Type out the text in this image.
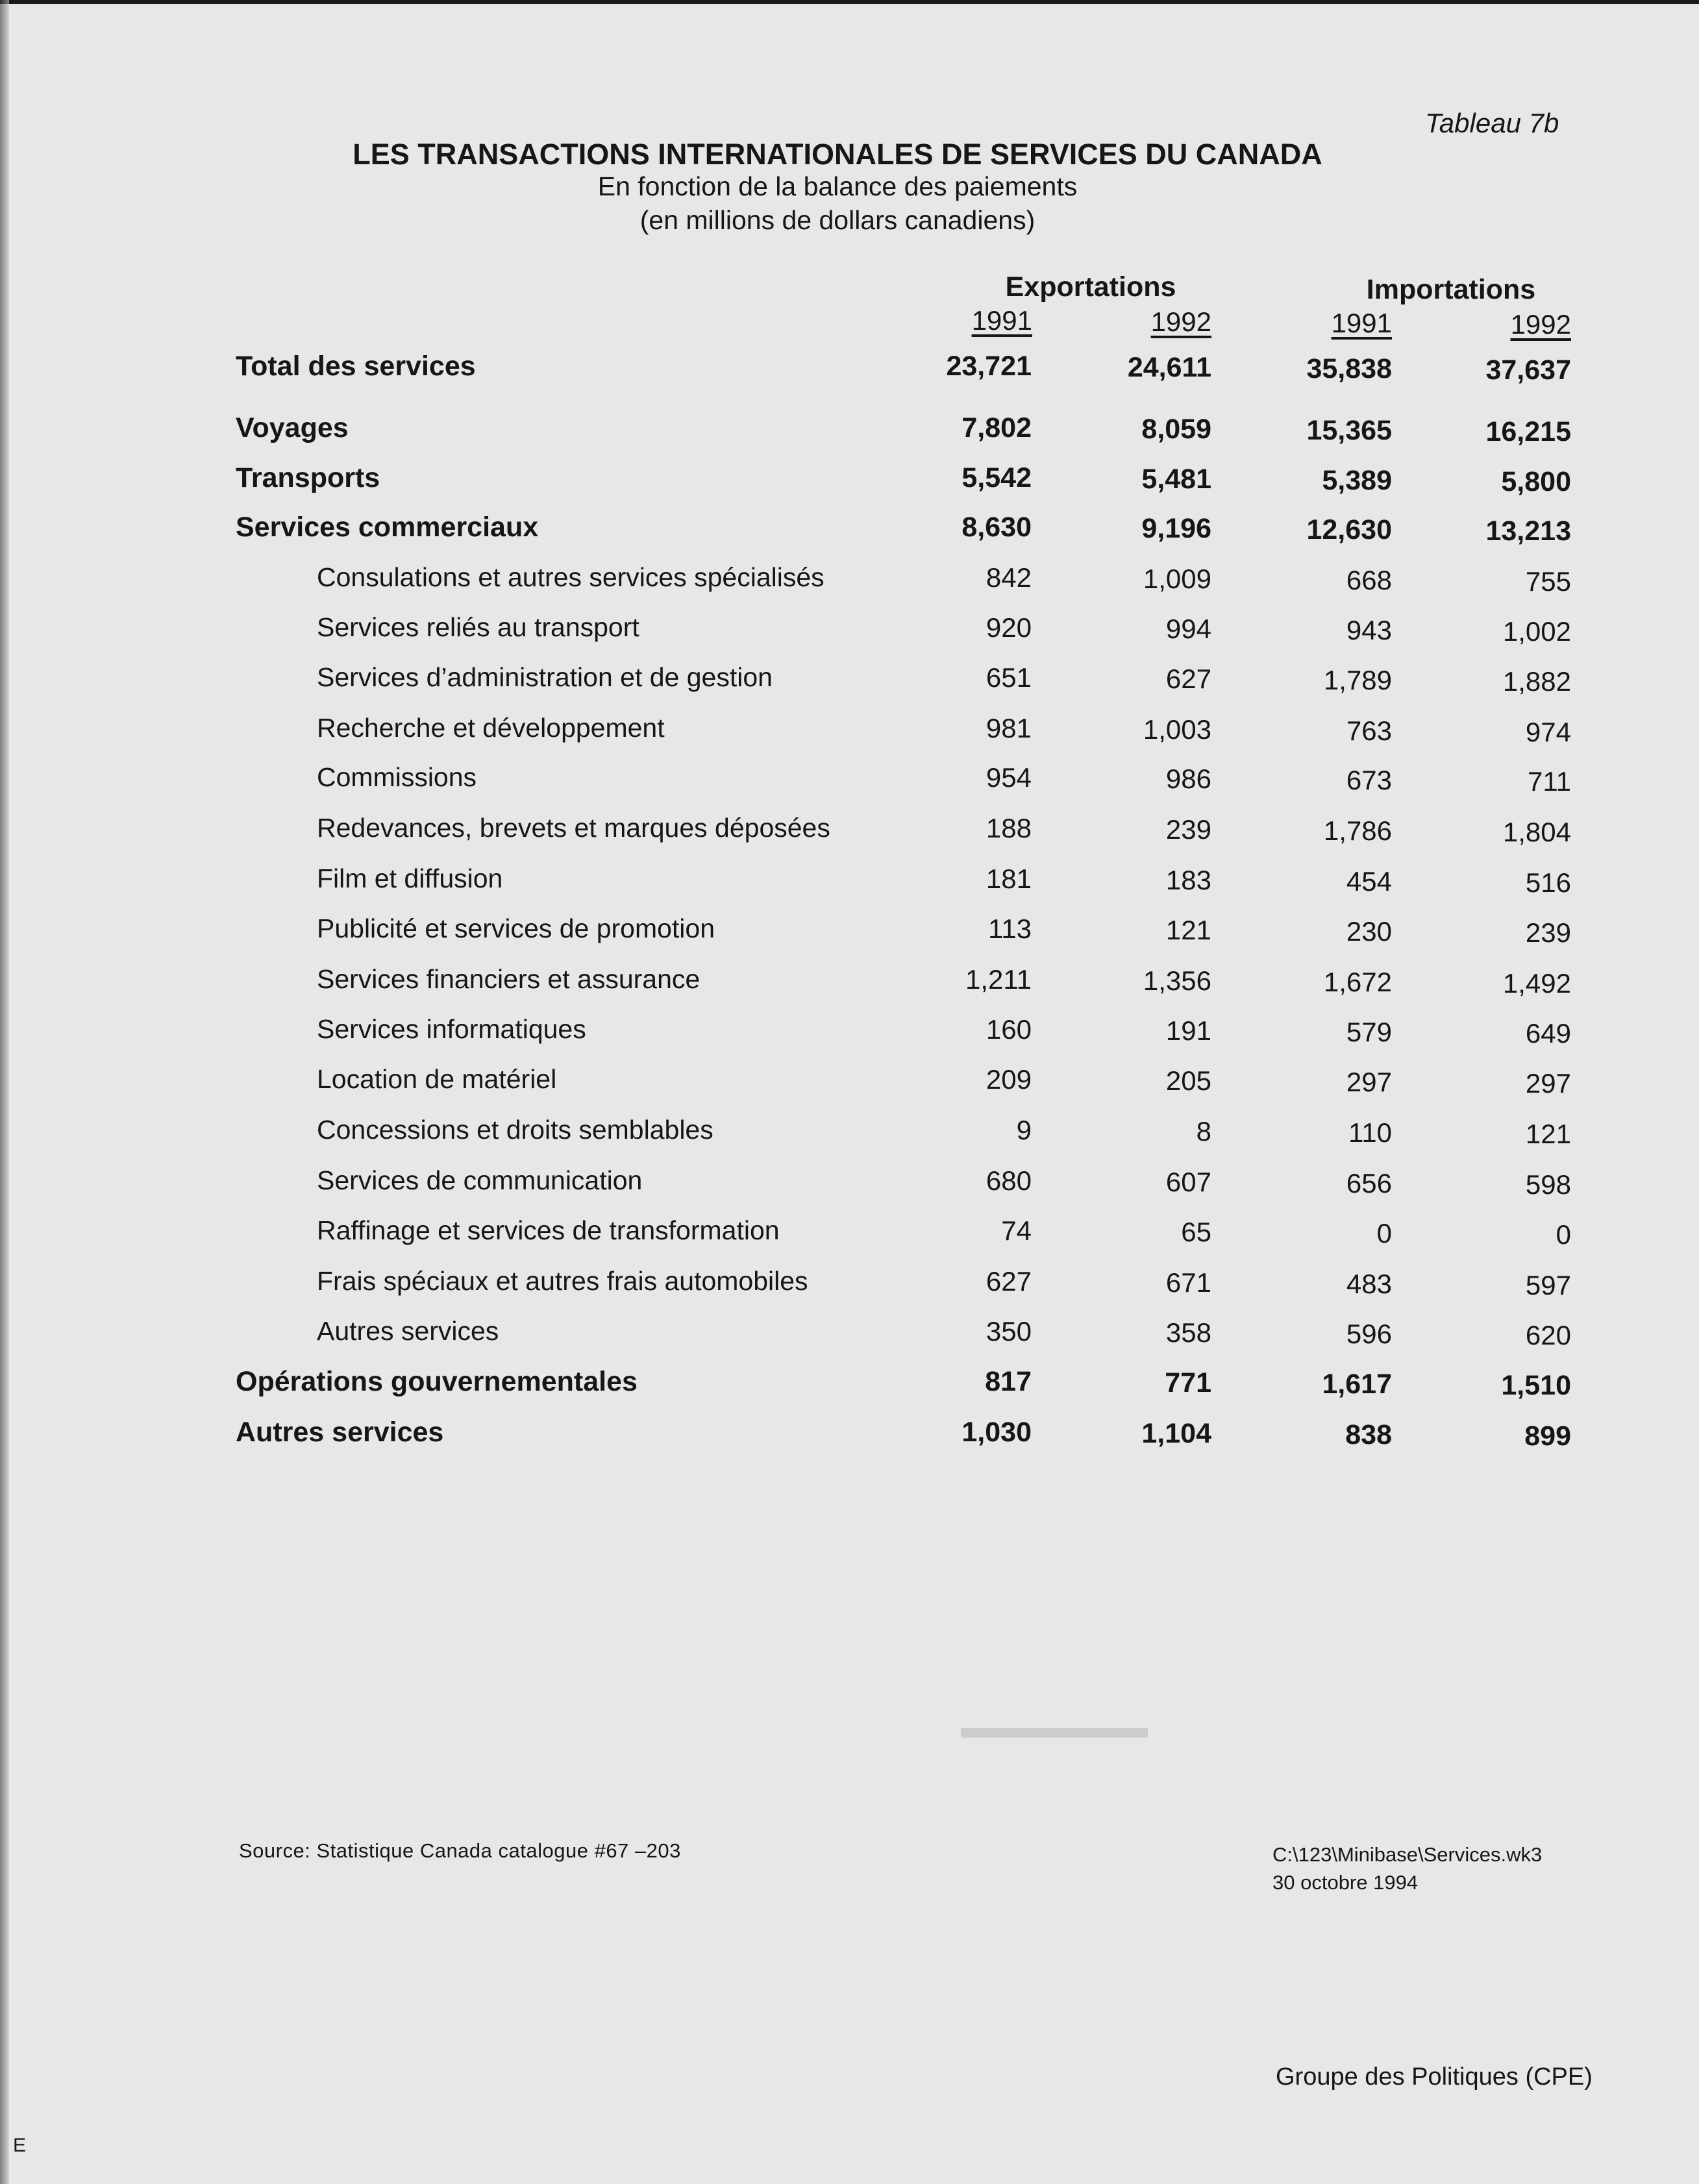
▬▬▬▬▬▬
Tableau 7b
LES TRANSACTIONS INTERNATIONALES DE SERVICES DU CANADA
En fonction de la balance des paiements
(en millions de dollars canadiens)
Exportations	Importations
1991	1992	1991	1992
Total des services	23,721	24,611	35,838	37,637
Voyages	7,802	8,059	15,365	16,215
Transports	5,542	5,481	5,389	5,800
Services commerciaux	8,630	9,196	12,630	13,213
Consulations et autres services spécialisés	842	1,009	668	755
Services reliés au transport	920	994	943	1,002
Services d’administration et de gestion	651	627	1,789	1,882
Recherche et développement	981	1,003	763	974
Commissions	954	986	673	711
Redevances, brevets et marques déposées	188	239	1,786	1,804
Film et diffusion	181	183	454	516
Publicité et services de promotion	113	121	230	239
Services financiers et assurance	1,211	1,356	1,672	1,492
Services informatiques	160	191	579	649
Location de matériel	209	205	297	297
Concessions et droits semblables	9	8	110	121
Services de communication	680	607	656	598
Raffinage et services de transformation	74	65	0	0
Frais spéciaux et autres frais automobiles	627	671	483	597
Autres services	350	358	596	620
Opérations gouvernementales	817	771	1,617	1,510
Autres services	1,030	1,104	838	899
Source: Statistique Canada catalogue #67 –203	C:\123\Minibase\Services.wk3
30 octobre 1994
Groupe des Politiques (CPE)
E
